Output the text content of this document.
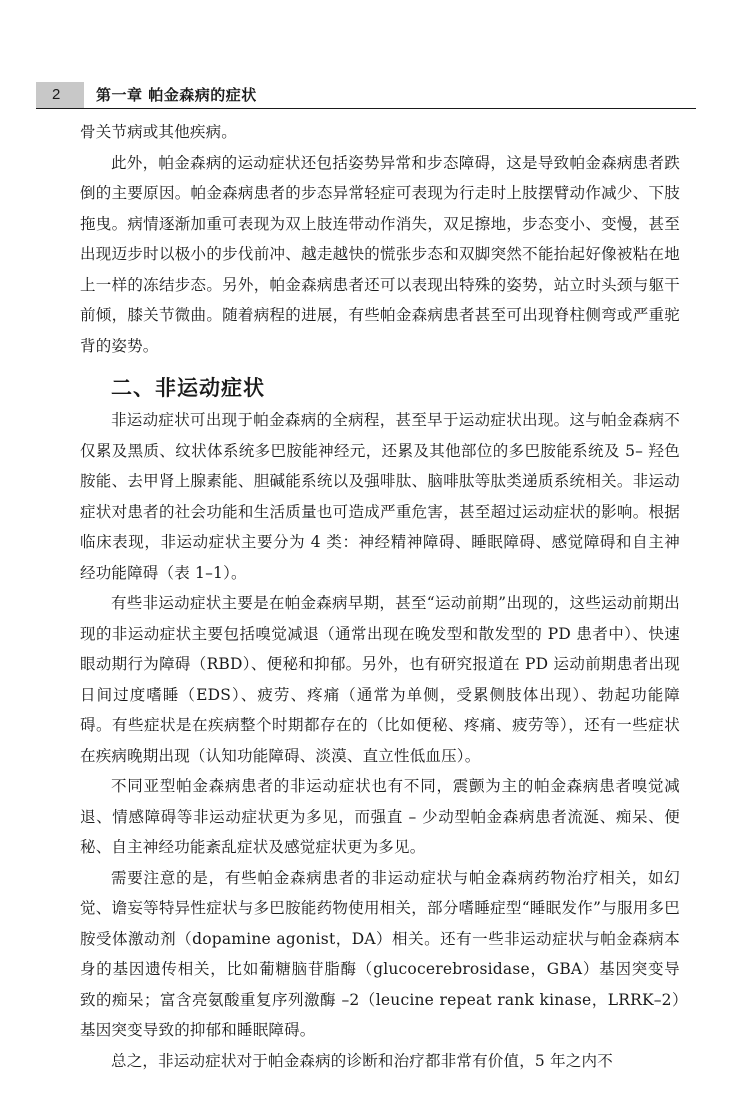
2	第一章 帕金森病的症状

骨关节病或其他疾病。

此外，帕金森病的运动症状还包括姿势异常和步态障碍，这是导致帕金森病患者跌倒的主要原因。帕金森病患者的步态异常轻症可表现为行走时上肢摆臂动作减少、下肢拖曳。病情逐渐加重可表现为双上肢连带动作消失，双足擦地，步态变小、变慢，甚至出现迈步时以极小的步伐前冲、越走越快的慌张步态和双脚突然不能抬起好像被粘在地上一样的冻结步态。另外，帕金森病患者还可以表现出特殊的姿势，站立时头颈与躯干前倾，膝关节微曲。随着病程的进展，有些帕金森病患者甚至可出现脊柱侧弯或严重驼背的姿势。

二、非运动症状

非运动症状可出现于帕金森病的全病程，甚至早于运动症状出现。这与帕金森病不仅累及黑质、纹状体系统多巴胺能神经元，还累及其他部位的多巴胺能系统及 5– 羟色胺能、去甲肾上腺素能、胆碱能系统以及强啡肽、脑啡肽等肽类递质系统相关。非运动症状对患者的社会功能和生活质量也可造成严重危害，甚至超过运动症状的影响。根据临床表现，非运动症状主要分为 4 类：神经精神障碍、睡眠障碍、感觉障碍和自主神经功能障碍（表 1–1）。

有些非运动症状主要是在帕金森病早期，甚至“运动前期”出现的，这些运动前期出现的非运动症状主要包括嗅觉减退（通常出现在晚发型和散发型的 PD 患者中）、快速眼动期行为障碍（RBD）、便秘和抑郁。另外，也有研究报道在 PD 运动前期患者出现日间过度嗜睡（EDS）、疲劳、疼痛（通常为单侧，受累侧肢体出现）、勃起功能障碍。有些症状是在疾病整个时期都存在的（比如便秘、疼痛、疲劳等），还有一些症状在疾病晚期出现（认知功能障碍、淡漠、直立性低血压）。

不同亚型帕金森病患者的非运动症状也有不同，震颤为主的帕金森病患者嗅觉减退、情感障碍等非运动症状更为多见，而强直 – 少动型帕金森病患者流涎、痴呆、便秘、自主神经功能紊乱症状及感觉症状更为多见。

需要注意的是，有些帕金森病患者的非运动症状与帕金森病药物治疗相关，如幻觉、谵妄等特异性症状与多巴胺能药物使用相关，部分嗜睡症型“睡眠发作”与服用多巴胺受体激动剂（dopamine agonist，DA）相关。还有一些非运动症状与帕金森病本身的基因遗传相关，比如葡糖脑苷脂酶（glucocerebrosidase，GBA）基因突变导致的痴呆；富含亮氨酸重复序列激酶 –2（leucine repeat rank kinase，LRRK–2）基因突变导致的抑郁和睡眠障碍。

总之，非运动症状对于帕金森病的诊断和治疗都非常有价值，5 年之内不
